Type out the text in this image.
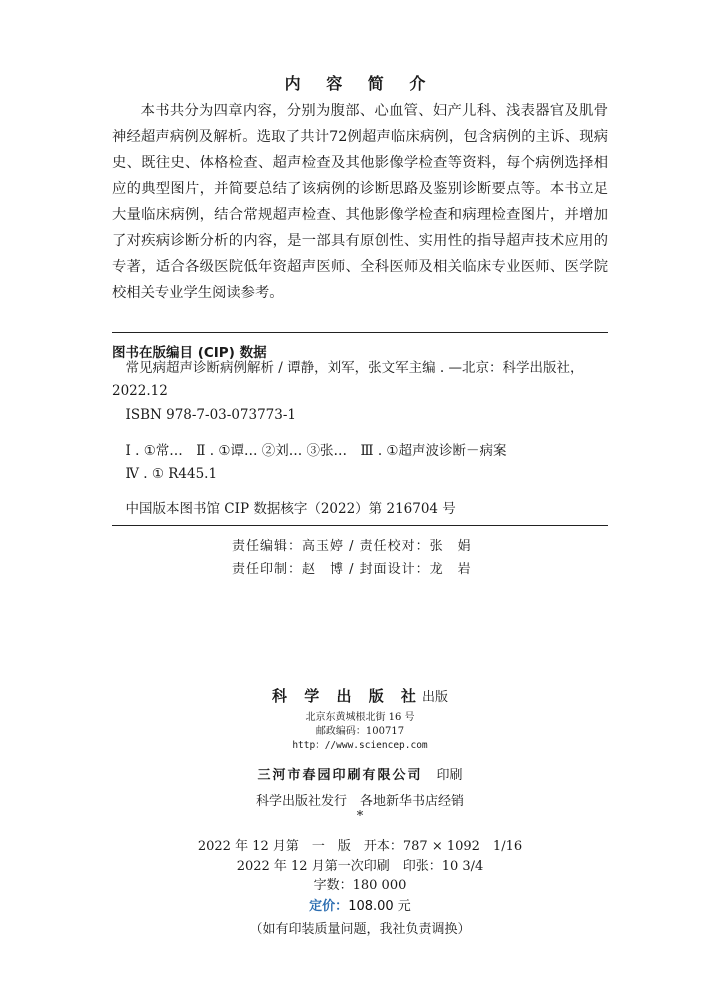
内 容 简 介
本书共分为四章内容，分别为腹部、心血管、妇产儿科、浅表器官及肌骨神经超声病例及解析。选取了共计72例超声临床病例，包含病例的主诉、现病史、既往史、体格检查、超声检查及其他影像学检查等资料，每个病例选择相应的典型图片，并简要总结了该病例的诊断思路及鉴别诊断要点等。本书立足大量临床病例，结合常规超声检查、其他影像学检查和病理检查图片，并增加了对疾病诊断分析的内容，是一部具有原创性、实用性的指导超声技术应用的专著，适合各级医院低年资超声医师、全科医师及相关临床专业医师、医学院校相关专业学生阅读参考。
图书在版编目 (CIP) 数据
常见病超声诊断病例解析 / 谭静，刘军，张文军主编 . —北京：科学出版社，2022.12
ISBN 978-7-03-073773-1
Ⅰ . ①常…　Ⅱ . ①谭… ②刘… ③张…　Ⅲ . ①超声波诊断－病案
Ⅳ . ① R445.1
中国版本图书馆 CIP 数据核字（2022）第 216704 号
责任编辑：高玉婷 / 责任校对：张　娟
责任印制：赵　博 / 封面设计：龙　岩
科 学 出 版 社出版
北京东黄城根北街 16 号
邮政编码：100717
http：//www.sciencep.com
三河市春园印刷有限公司 印刷
科学出版社发行　各地新华书店经销
*
2022 年 12 月第　一　版　开本：787 × 1092　1/16
2022 年 12 月第一次印刷　印张：10 3/4
字数：180 000
定价：108.00 元
（如有印装质量问题，我社负责调换）
